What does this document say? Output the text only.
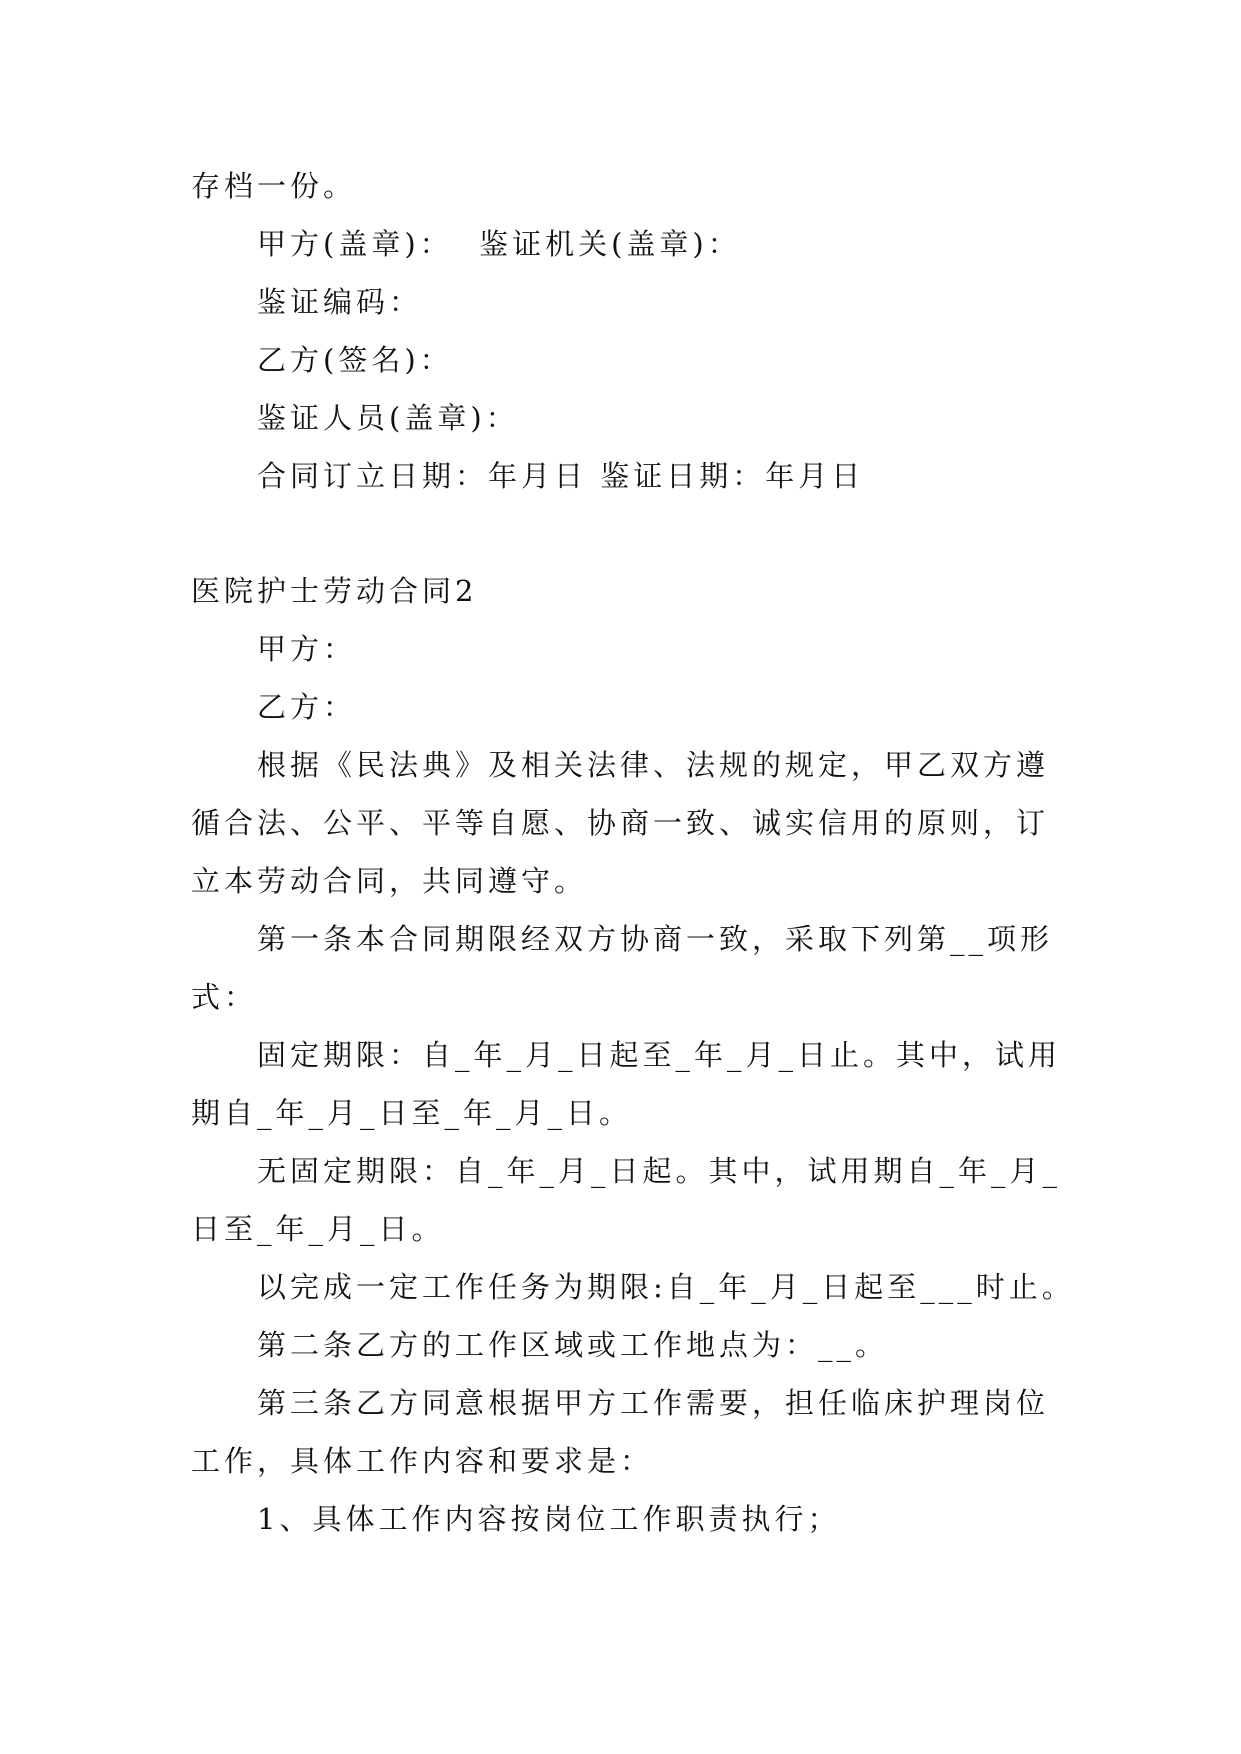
存档一份。
甲方(盖章)：  鉴证机关(盖章)：
鉴证编码：
乙方(签名)：
鉴证人员(盖章)：
合同订立日期：年月日 鉴证日期：年月日
医院护士劳动合同2
甲方：
乙方：
根据《民法典》及相关法律、法规的规定，甲乙双方遵
循合法、公平、平等自愿、协商一致、诚实信用的原则，订
立本劳动合同，共同遵守。
第一条本合同期限经双方协商一致，采取下列第__项形
式：
固定期限：自_年_月_日起至_年_月_日止。其中，试用
期自_年_月_日至_年_月_日。
无固定期限：自_年_月_日起。其中，试用期自_年_月_
日至_年_月_日。
以完成一定工作任务为期限:自_年_月_日起至___时止。
第二条乙方的工作区域或工作地点为：__。
第三条乙方同意根据甲方工作需要，担任临床护理岗位
工作，具体工作内容和要求是：
1、具体工作内容按岗位工作职责执行；
